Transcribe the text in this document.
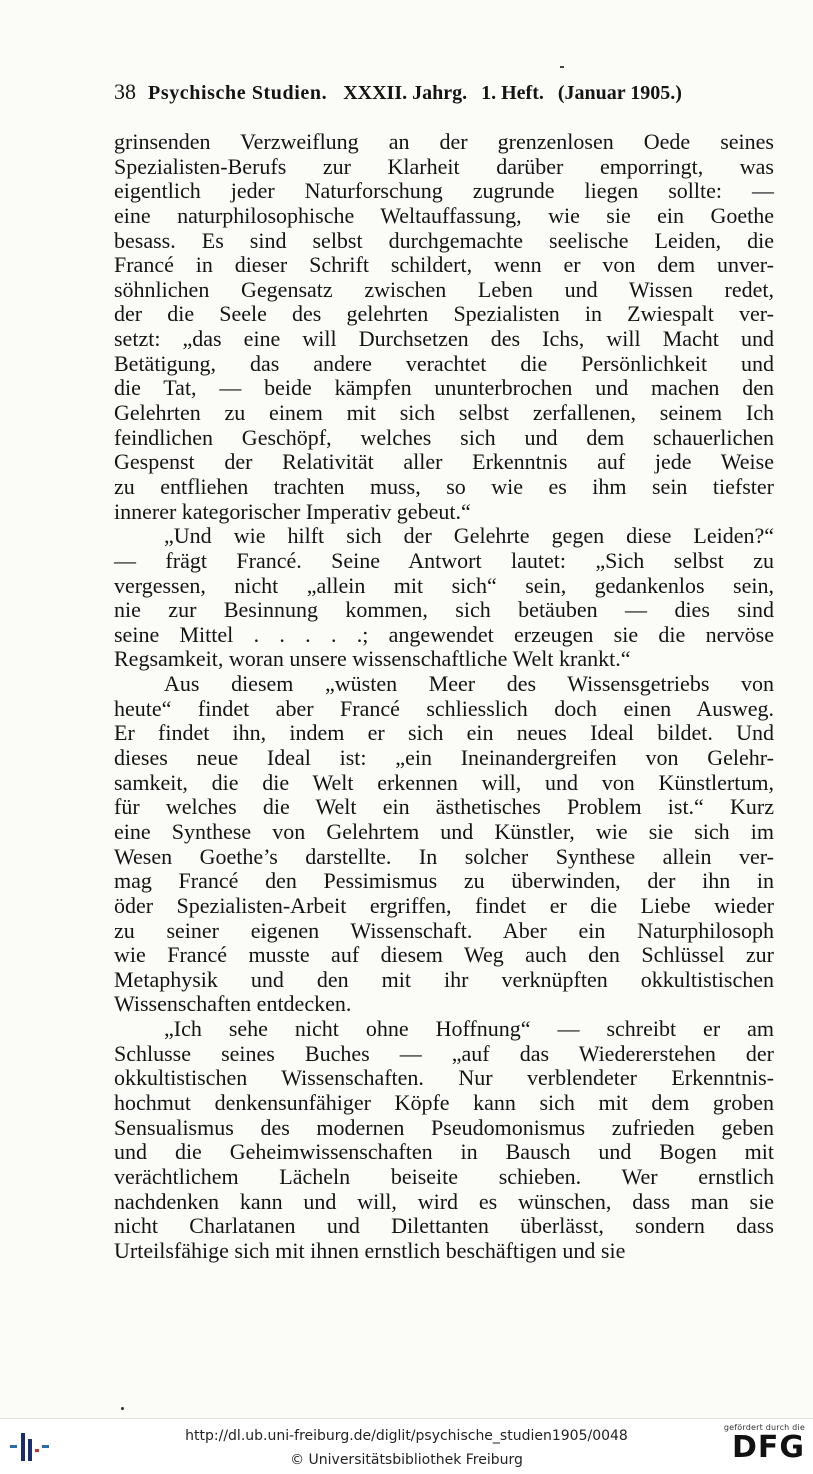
38 Psychische Studien. XXXII. Jahrg. 1. Heft. (Januar 1905.)
grinsenden Verzweiflung an der grenzenlosen Oede seines
Spezialisten-Berufs zur Klarheit darüber emporringt, was
eigentlich jeder Naturforschung zugrunde liegen sollte: —
eine naturphilosophische Weltauffassung, wie sie ein Goethe
besass. Es sind selbst durchgemachte seelische Leiden, die
Francé in dieser Schrift schildert, wenn er von dem unver-
söhnlichen Gegensatz zwischen Leben und Wissen redet,
der die Seele des gelehrten Spezialisten in Zwiespalt ver-
setzt: „das eine will Durchsetzen des Ichs, will Macht und
Betätigung, das andere verachtet die Persönlichkeit und
die Tat, — beide kämpfen ununterbrochen und machen den
Gelehrten zu einem mit sich selbst zerfallenen, seinem Ich
feindlichen Geschöpf, welches sich und dem schauerlichen
Gespenst der Relativität aller Erkenntnis auf jede Weise
zu entfliehen trachten muss, so wie es ihm sein tiefster
innerer kategorischer Imperativ gebeut.“
„Und wie hilft sich der Gelehrte gegen diese Leiden?“
— frägt Francé. Seine Antwort lautet: „Sich selbst zu
vergessen, nicht „allein mit sich“ sein, gedankenlos sein,
nie zur Besinnung kommen, sich betäuben — dies sind
seine Mittel . . . . .; angewendet erzeugen sie die nervöse
Regsamkeit, woran unsere wissenschaftliche Welt krankt.“
Aus diesem „wüsten Meer des Wissensgetriebs von
heute“ findet aber Francé schliesslich doch einen Ausweg.
Er findet ihn, indem er sich ein neues Ideal bildet. Und
dieses neue Ideal ist: „ein Ineinandergreifen von Gelehr-
samkeit, die die Welt erkennen will, und von Künstlertum,
für welches die Welt ein ästhetisches Problem ist.“ Kurz
eine Synthese von Gelehrtem und Künstler, wie sie sich im
Wesen Goethe’s darstellte. In solcher Synthese allein ver-
mag Francé den Pessimismus zu überwinden, der ihn in
öder Spezialisten-Arbeit ergriffen, findet er die Liebe wieder
zu seiner eigenen Wissenschaft. Aber ein Naturphilosoph
wie Francé musste auf diesem Weg auch den Schlüssel zur
Metaphysik und den mit ihr verknüpften okkultistischen
Wissenschaften entdecken.
„Ich sehe nicht ohne Hoffnung“ — schreibt er am
Schlusse seines Buches — „auf das Wiedererstehen der
okkultistischen Wissenschaften. Nur verblendeter Erkenntnis-
hochmut denkensunfähiger Köpfe kann sich mit dem groben
Sensualismus des modernen Pseudomonismus zufrieden geben
und die Geheimwissenschaften in Bausch und Bogen mit
verächtlichem Lächeln beiseite schieben. Wer ernstlich
nachdenken kann und will, wird es wünschen, dass man sie
nicht Charlatanen und Dilettanten überlässt, sondern dass
Urteilsfähige sich mit ihnen ernstlich beschäftigen und sie
http://dl.ub.uni-freiburg.de/diglit/psychische_studien1905/0048
© Universitätsbibliothek Freiburg
gefördert durch die
DFG
